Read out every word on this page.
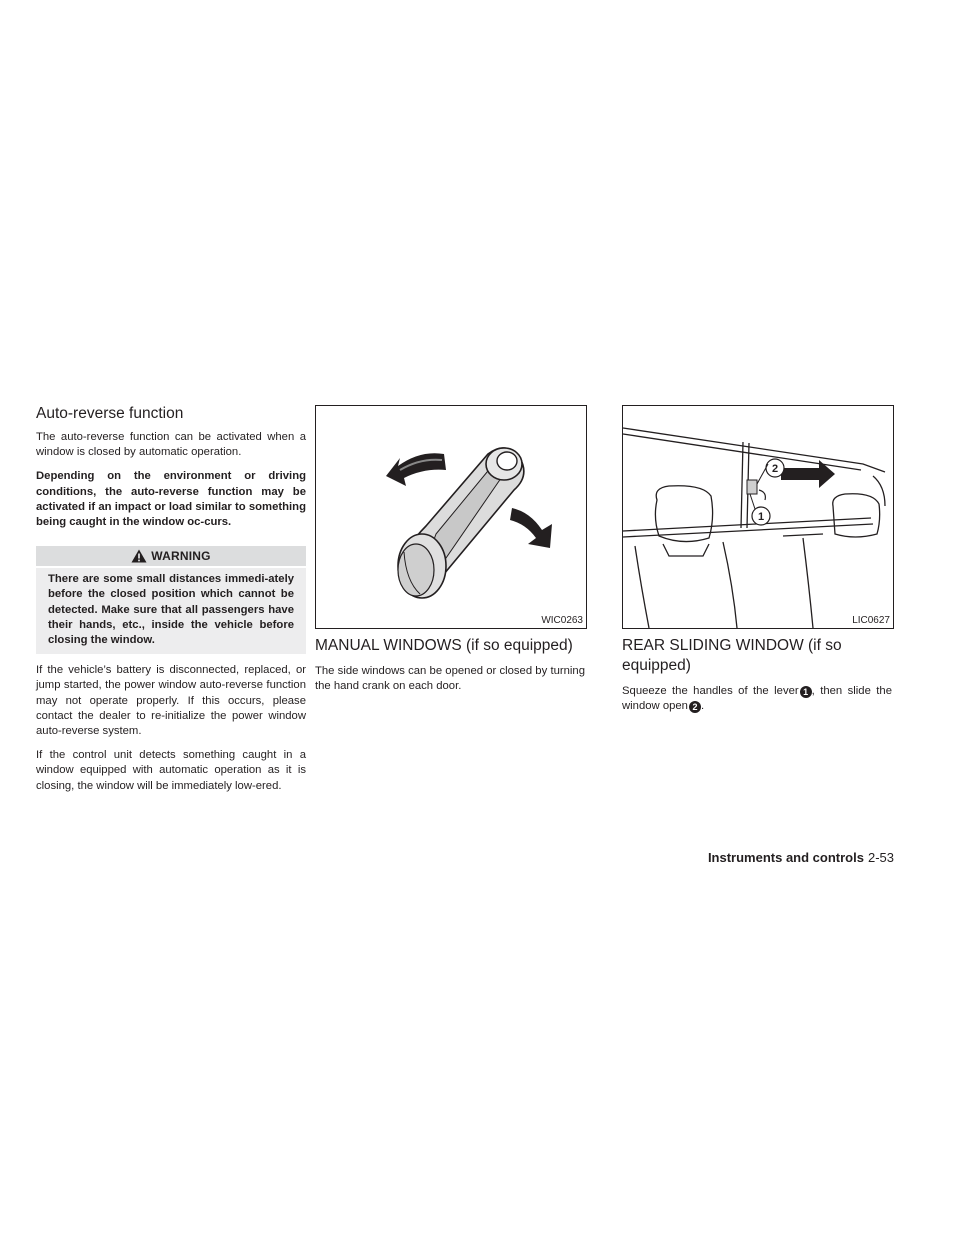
Auto-reverse function

The auto-reverse function can be activated when a window is closed by automatic operation.

Depending on the environment or driving conditions, the auto-reverse function may be activated if an impact or load similar to something being caught in the window oc-curs.

WARNING
There are some small distances immedi-ately before the closed position which cannot be detected. Make sure that all passengers have their hands, etc., inside the vehicle before closing the window.

If the vehicle’s battery is disconnected, replaced, or jump started, the power window auto-reverse function may not operate properly. If this occurs, please contact the dealer to re-initialize the power window auto-reverse system.

If the control unit detects something caught in a window equipped with automatic operation as it is closing, the window will be immediately low-ered.

WIC0263
MANUAL WINDOWS (if so equipped)

The side windows can be opened or closed by turning the hand crank on each door.

2
1
LIC0627
REAR SLIDING WINDOW (if so equipped)

Squeeze the handles of the lever 1 , then slide the window open 2 .

Instruments and controls 2-53
